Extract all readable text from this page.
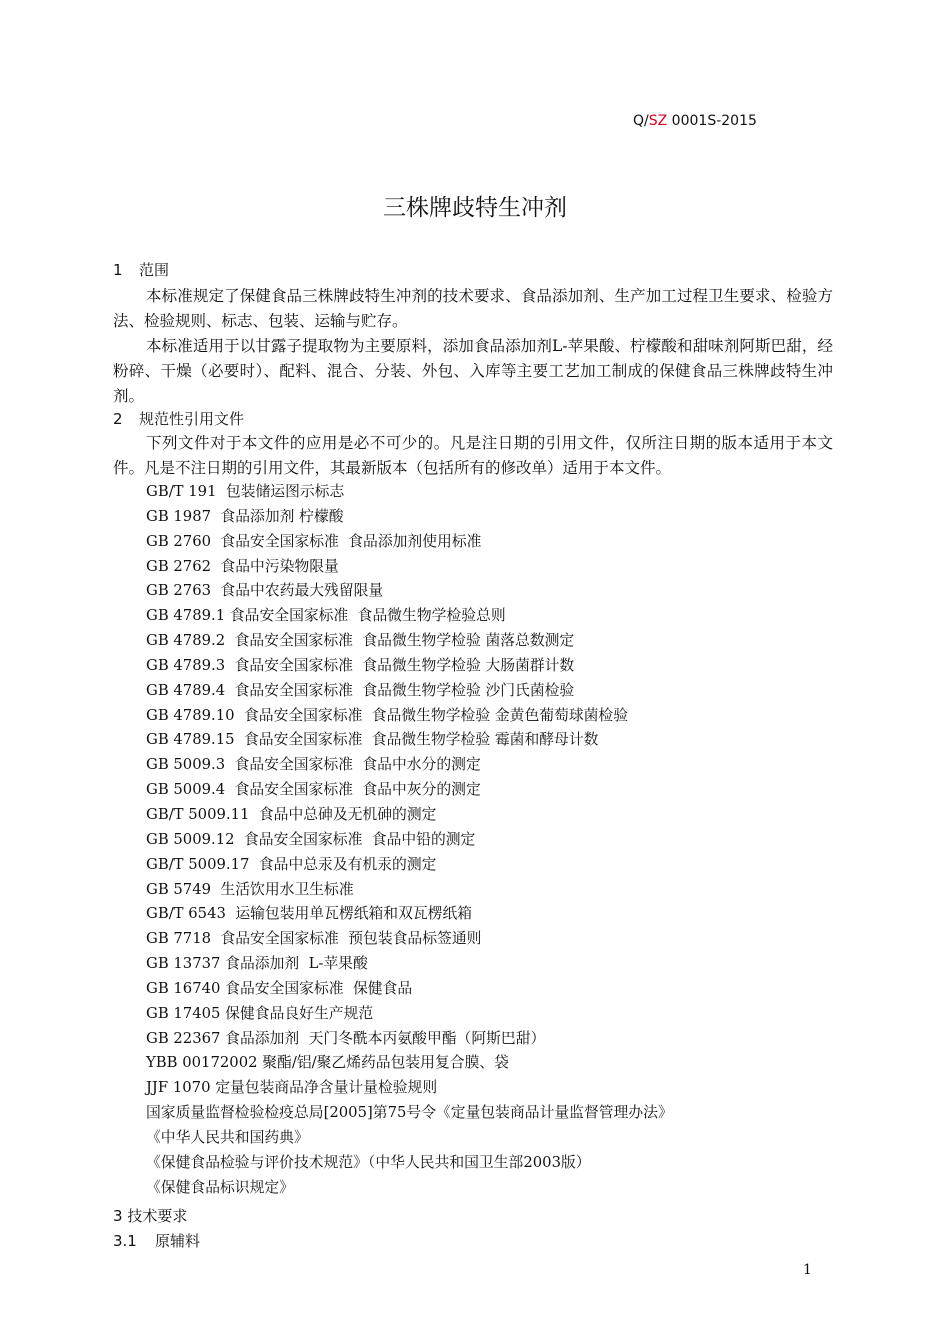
Q/SZ 0001S-2015
三株牌歧特生冲剂
1 范围
本标准规定了保健食品三株牌歧特生冲剂的技术要求、食品添加剂、生产加工过程卫生要求、检验方法、检验规则、标志、包装、运输与贮存。
本标准适用于以甘露子提取物为主要原料，添加食品添加剂L-苹果酸、柠檬酸和甜味剂阿斯巴甜，经粉碎、干燥（必要时）、配料、混合、分装、外包、入库等主要工艺加工制成的保健食品三株牌歧特生冲剂。
2 规范性引用文件
下列文件对于本文件的应用是必不可少的。凡是注日期的引用文件，仅所注日期的版本适用于本文件。凡是不注日期的引用文件，其最新版本（包括所有的修改单）适用于本文件。
GB/T 191  包装储运图示标志
GB 1987  食品添加剂 柠檬酸
GB 2760  食品安全国家标准  食品添加剂使用标准
GB 2762  食品中污染物限量
GB 2763  食品中农药最大残留限量
GB 4789.1 食品安全国家标准  食品微生物学检验总则
GB 4789.2  食品安全国家标准  食品微生物学检验 菌落总数测定
GB 4789.3  食品安全国家标准  食品微生物学检验 大肠菌群计数
GB 4789.4  食品安全国家标准  食品微生物学检验 沙门氏菌检验
GB 4789.10  食品安全国家标准  食品微生物学检验 金黄色葡萄球菌检验
GB 4789.15  食品安全国家标准  食品微生物学检验 霉菌和酵母计数
GB 5009.3  食品安全国家标准  食品中水分的测定
GB 5009.4  食品安全国家标准  食品中灰分的测定
GB/T 5009.11  食品中总砷及无机砷的测定
GB 5009.12  食品安全国家标准  食品中铅的测定
GB/T 5009.17  食品中总汞及有机汞的测定
GB 5749  生活饮用水卫生标准
GB/T 6543  运输包装用单瓦楞纸箱和双瓦楞纸箱
GB 7718  食品安全国家标准  预包装食品标签通则
GB 13737 食品添加剂  L-苹果酸
GB 16740 食品安全国家标准  保健食品
GB 17405 保健食品良好生产规范
GB 22367 食品添加剂  天门冬酰本丙氨酸甲酯（阿斯巴甜）
YBB 00172002 聚酯/铝/聚乙烯药品包装用复合膜、袋
JJF 1070 定量包装商品净含量计量检验规则
国家质量监督检验检疫总局[2005]第75号令《定量包装商品计量监督管理办法》
《中华人民共和国药典》
《保健食品检验与评价技术规范》（中华人民共和国卫生部2003版）
《保健食品标识规定》
3 技术要求
3.1 原辅料
1
